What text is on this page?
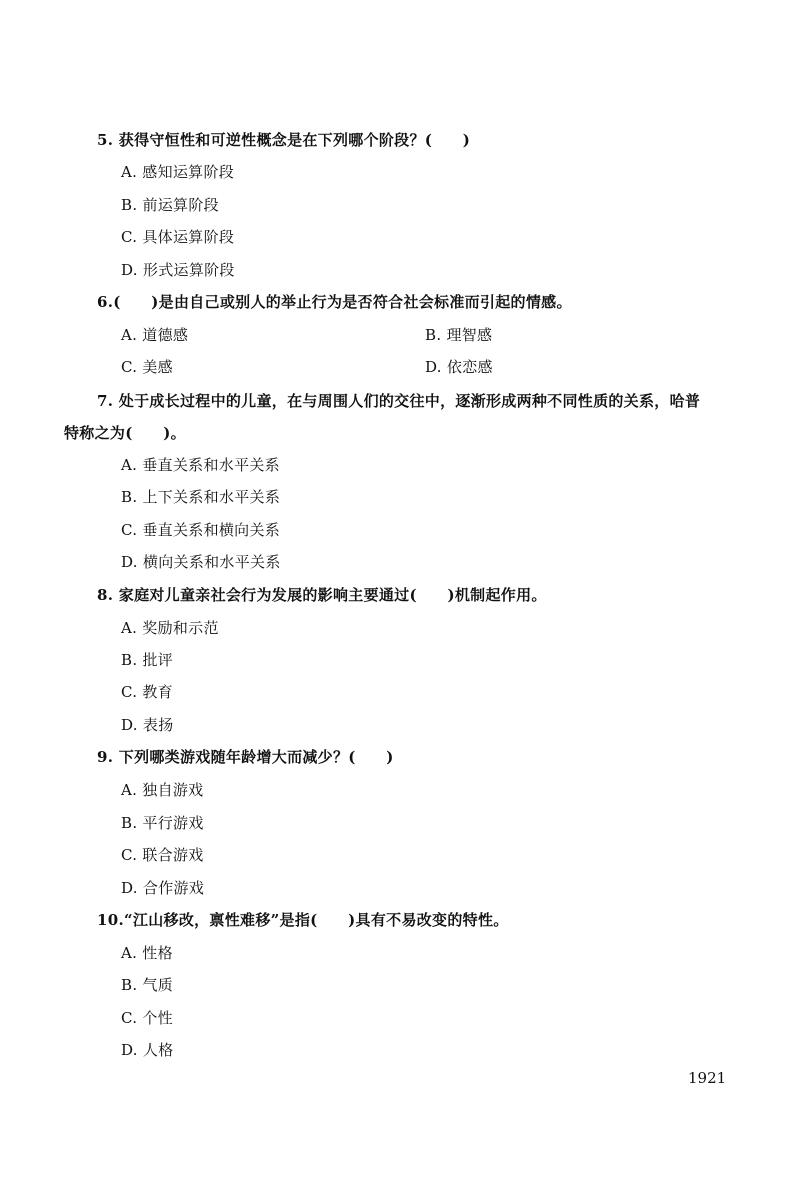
5. 获得守恒性和可逆性概念是在下列哪个阶段？(　　)
A. 感知运算阶段
B. 前运算阶段
C. 具体运算阶段
D. 形式运算阶段
6.(　　)是由自己或别人的举止行为是否符合社会标准而引起的情感。
A. 道德感	B. 理智感
C. 美感	D. 依恋感
7. 处于成长过程中的儿童，在与周围人们的交往中，逐渐形成两种不同性质的关系，哈普
特称之为(　　)。
A. 垂直关系和水平关系
B. 上下关系和水平关系
C. 垂直关系和横向关系
D. 横向关系和水平关系
8. 家庭对儿童亲社会行为发展的影响主要通过(　　)机制起作用。
A. 奖励和示范
B. 批评
C. 教育
D. 表扬
9. 下列哪类游戏随年龄增大而减少？(　　)
A. 独自游戏
B. 平行游戏
C. 联合游戏
D. 合作游戏
10.“江山移改，禀性难移”是指(　　)具有不易改变的特性。
A. 性格
B. 气质
C. 个性
D. 人格
1921
